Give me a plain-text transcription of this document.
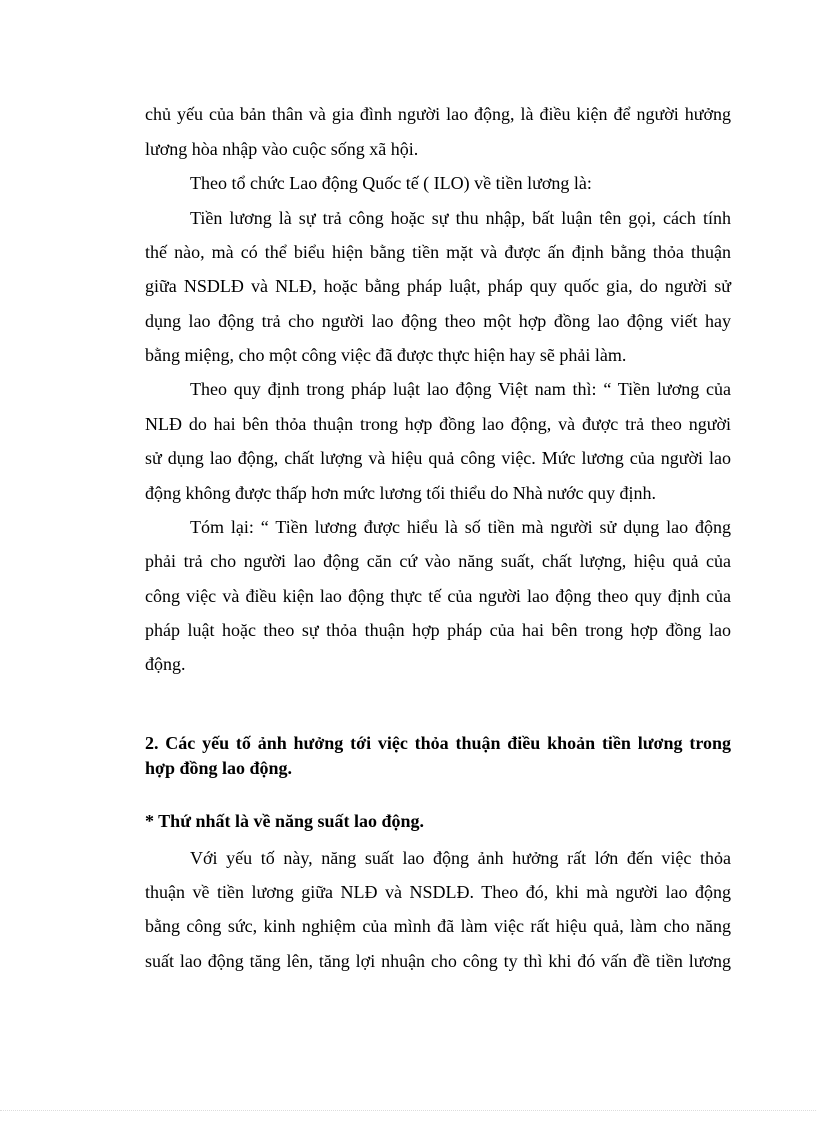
chủ yếu của bản thân và gia đình người lao động, là điều kiện để người hưởng
lương hòa nhập vào cuộc sống xã hội.
Theo tổ chức Lao động Quốc tế ( ILO) về tiền lương là:
Tiền lương là sự trả công hoặc sự thu nhập, bất luận tên gọi, cách tính
thế nào, mà có thể biểu hiện bằng tiền mặt và được ấn định bằng thỏa thuận
giữa NSDLĐ và NLĐ, hoặc bằng pháp luật, pháp quy quốc gia, do người sử
dụng lao động trả cho người lao động theo một hợp đồng lao động viết hay
bằng miệng, cho một công việc đã được thực hiện hay sẽ phải làm.
Theo quy định trong pháp luật lao động Việt nam thì: “ Tiền lương của
NLĐ do hai bên thỏa thuận trong hợp đồng lao động, và được trả theo người
sử dụng lao động, chất lượng và hiệu quả công việc. Mức lương của người lao
động không được thấp hơn mức lương tối thiểu do Nhà nước quy định.
Tóm lại: “ Tiền lương được hiểu là số tiền mà người sử dụng lao động
phải trả cho người lao động căn cứ vào năng suất, chất lượng, hiệu quả của
công việc và điều kiện lao động thực tế của người lao động theo quy định của
pháp luật hoặc theo sự thỏa thuận hợp pháp của hai bên trong hợp đồng lao
động.
2. Các yếu tố ảnh hưởng tới việc thỏa thuận điều khoản tiền lương trong
hợp đồng lao động.
* Thứ nhất là về năng suất lao động.
Với yếu tố này, năng suất lao động ảnh hưởng rất lớn đến việc thỏa
thuận về tiền lương giữa NLĐ và NSDLĐ. Theo đó, khi mà người lao động
bằng công sức, kinh nghiệm của mình đã làm việc rất hiệu quả, làm cho năng
suất lao động tăng lên, tăng lợi nhuận cho công ty thì khi đó vấn đề tiền lương
